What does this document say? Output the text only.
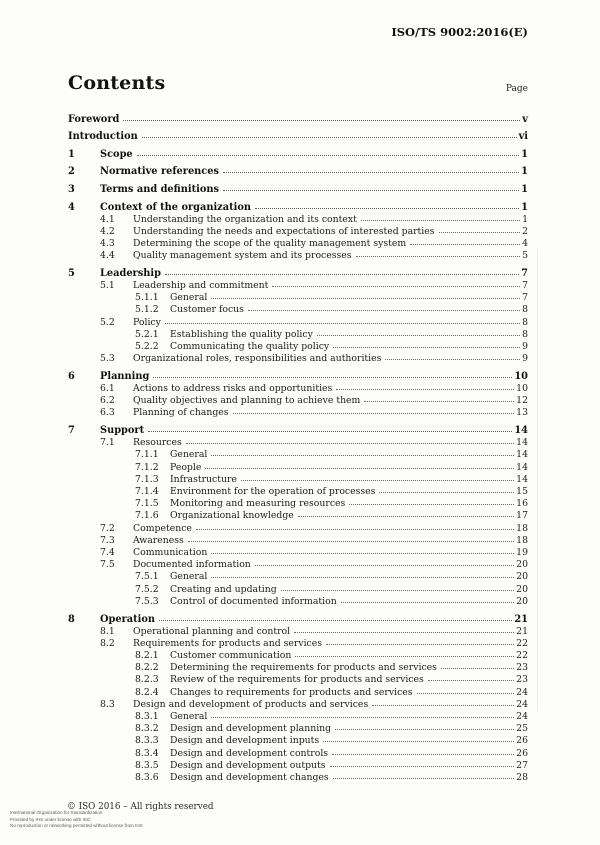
ISO/TS 9002:2016(E)
Contents	Page
Foreword	v
Introduction	vi
1	Scope	1
2	Normative references	1
3	Terms and definitions	1
4	Context of the organization	1
4.1	Understanding the organization and its context	1
4.2	Understanding the needs and expectations of interested parties	2
4.3	Determining the scope of the quality management system	4
4.4	Quality management system and its processes	5
5	Leadership	7
5.1	Leadership and commitment	7
5.1.1	General	7
5.1.2	Customer focus	8
5.2	Policy	8
5.2.1	Establishing the quality policy	8
5.2.2	Communicating the quality policy	9
5.3	Organizational roles, responsibilities and authorities	9
6	Planning	10
6.1	Actions to address risks and opportunities	10
6.2	Quality objectives and planning to achieve them	12
6.3	Planning of changes	13
7	Support	14
7.1	Resources	14
7.1.1	General	14
7.1.2	People	14
7.1.3	Infrastructure	14
7.1.4	Environment for the operation of processes	15
7.1.5	Monitoring and measuring resources	16
7.1.6	Organizational knowledge	17
7.2	Competence	18
7.3	Awareness	18
7.4	Communication	19
7.5	Documented information	20
7.5.1	General	20
7.5.2	Creating and updating	20
7.5.3	Control of documented information	20
8	Operation	21
8.1	Operational planning and control	21
8.2	Requirements for products and services	22
8.2.1	Customer communication	22
8.2.2	Determining the requirements for products and services	23
8.2.3	Review of the requirements for products and services	23
8.2.4	Changes to requirements for products and services	24
8.3	Design and development of products and services	24
8.3.1	General	24
8.3.2	Design and development planning	25
8.3.3	Design and development inputs	26
8.3.4	Design and development controls	26
8.3.5	Design and development outputs	27
8.3.6	Design and development changes	28
International Organization for Standardization
Provided by IHS under license with ISO
No reproduction or networking permitted without license from IHS
© ISO 2016 – All rights reserved
